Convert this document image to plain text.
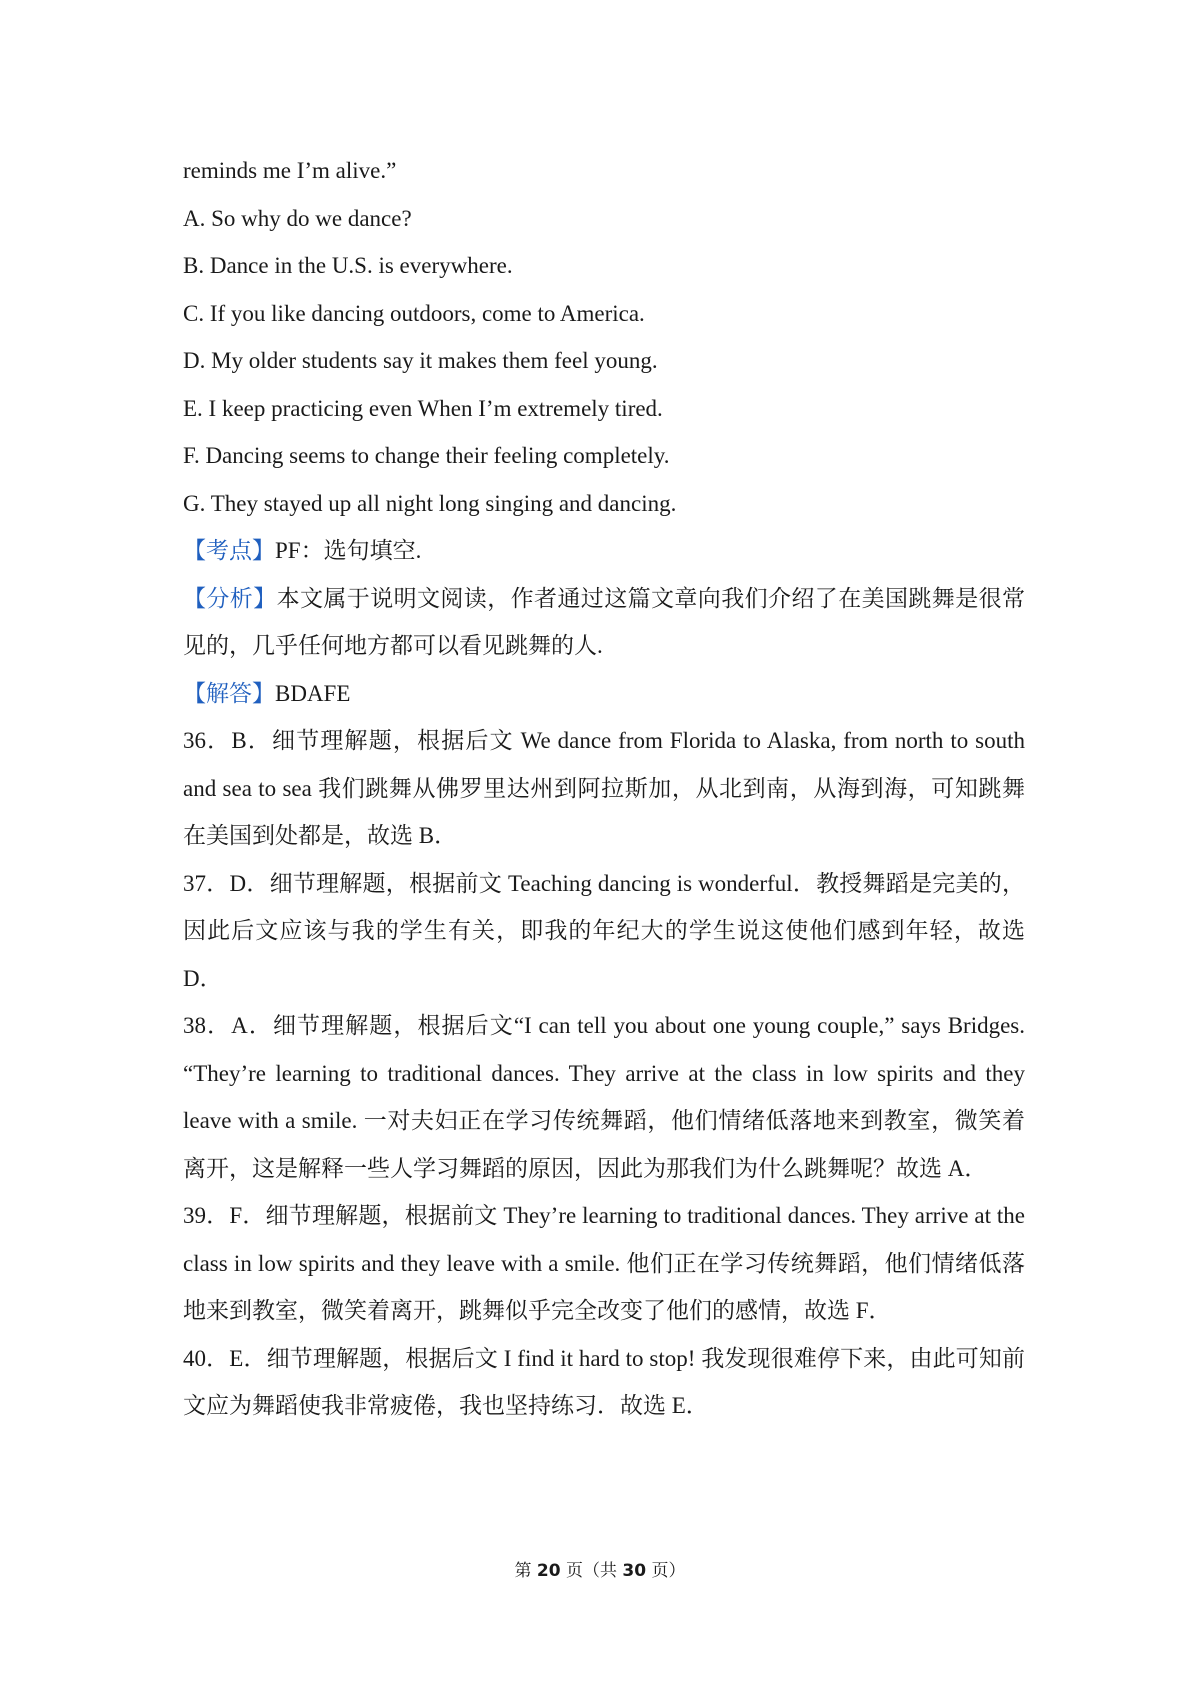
reminds me I’m alive.”
A. So why do we dance?
B. Dance in the U.S. is everywhere.
C. If you like dancing outdoors, come to America.
D. My older students say it makes them feel young.
E. I keep practicing even When I’m extremely tired.
F. Dancing seems to change their feeling completely.
G. They stayed up all night long singing and dancing.
【考点】PF：选句填空.
【分析】本文属于说明文阅读，作者通过这篇文章向我们介绍了在美国跳舞是很常见的，几乎任何地方都可以看见跳舞的人.
【解答】BDAFE
36．B．细节理解题，根据后文 We dance from Florida to Alaska, from north to south and sea to sea 我们跳舞从佛罗里达州到阿拉斯加，从北到南，从海到海，可知跳舞在美国到处都是，故选 B．
37．D．细节理解题，根据前文 Teaching dancing is wonderful．教授舞蹈是完美的，因此后文应该与我的学生有关，即我的年纪大的学生说这使他们感到年轻，故选 D．
38．A．细节理解题，根据后文“I can tell you about one young couple,” says Bridges. “They’re learning to traditional dances. They arrive at the class in low spirits and they leave with a smile. 一对夫妇正在学习传统舞蹈，他们情绪低落地来到教室，微笑着离开，这是解释一些人学习舞蹈的原因，因此为那我们为什么跳舞呢？故选 A．
39．F．细节理解题，根据前文 They’re learning to traditional dances. They arrive at the class in low spirits and they leave with a smile. 他们正在学习传统舞蹈，他们情绪低落地来到教室，微笑着离开，跳舞似乎完全改变了他们的感情，故选 F．
40．E．细节理解题，根据后文 I find it hard to stop! 我发现很难停下来，由此可知前文应为舞蹈使我非常疲倦，我也坚持练习．故选 E．
第 20 页（共 30 页）
